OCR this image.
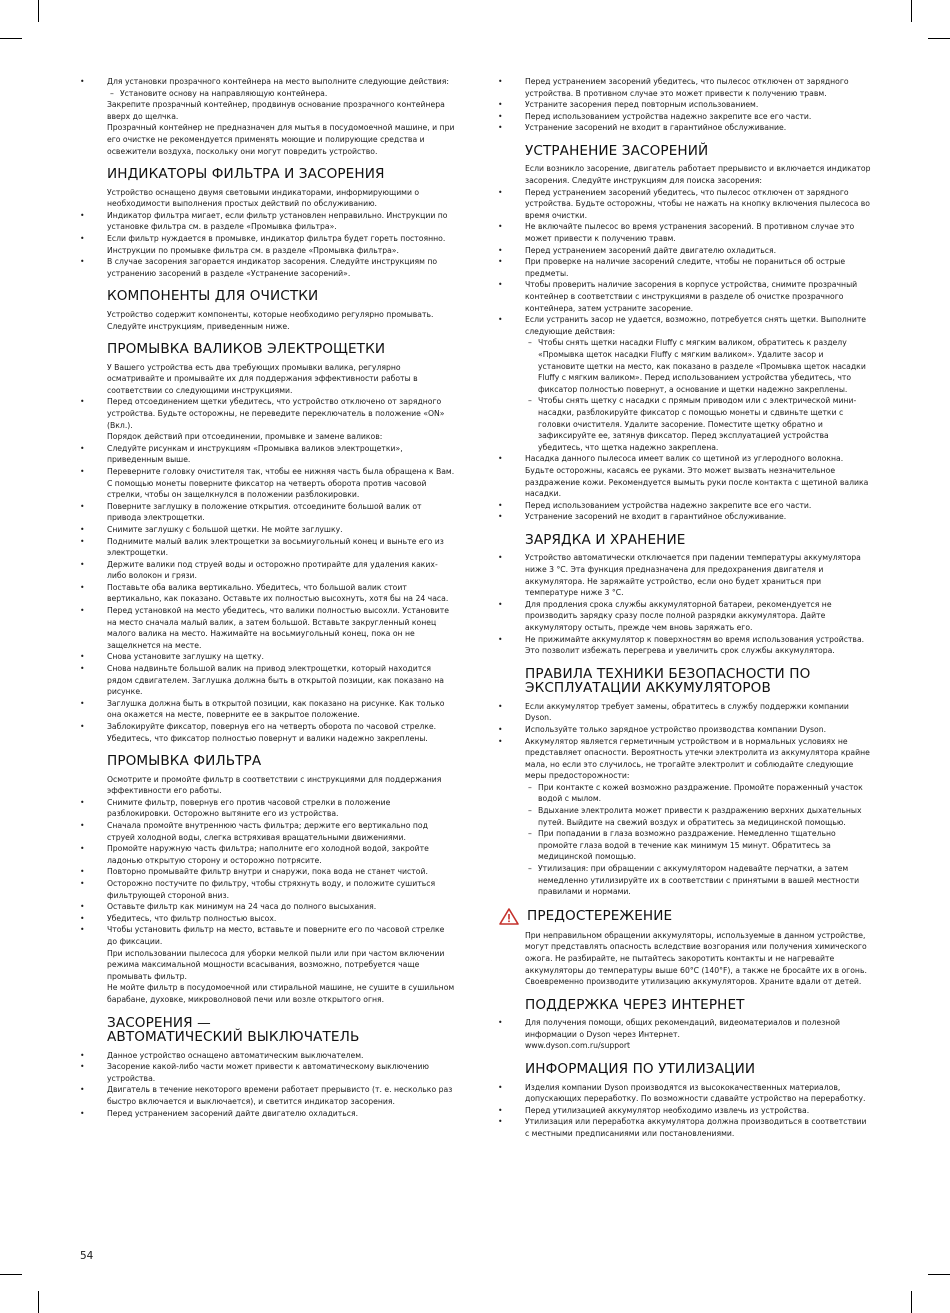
• Для установки прозрачного контейнера на место выполните следующие действия:
– Установите основу на направляющую контейнера.
Закрепите прозрачный контейнер, продвинув основание прозрачного контейнера вверх до щелчка.
Прозрачный контейнер не предназначен для мытья в посудомоечной машине, и при его очистке не рекомендуется применять моющие и полирующие средства и освежители воздуха, поскольку они могут повредить устройство.
ИНДИКАТОРЫ ФИЛЬТРА И ЗАСОРЕНИЯ
Устройство оснащено двумя световыми индикаторами, информирующими о необходимости выполнения простых действий по обслуживанию.
• Индикатор фильтра мигает, если фильтр установлен неправильно. Инструкции по установке фильтра см. в разделе «Промывка фильтра».
• Если фильтр нуждается в промывке, индикатор фильтра будет гореть постоянно. Инструкции по промывке фильтра см. в разделе «Промывка фильтра».
• В случае засорения загорается индикатор засорения. Следуйте инструкциям по устранению засорений в разделе «Устранение засорений».
КОМПОНЕНТЫ ДЛЯ ОЧИСТКИ
Устройство содержит компоненты, которые необходимо регулярно промывать. Следуйте инструкциям, приведенным ниже.
ПРОМЫВКА ВАЛИКОВ ЭЛЕКТРОЩЕТКИ
У Вашего устройства есть два требующих промывки валика, регулярно осматривайте и промывайте их для поддержания эффективности работы в соответствии со следующими инструкциями.
• Перед отсоединением щетки убедитесь, что устройство отключено от зарядного устройства. Будьте осторожны, не переведите переключатель в положение «ON» (Вкл.).
Порядок действий при отсоединении, промывке и замене валиков:
• Следуйте рисункам и инструкциям «Промывка валиков электрощетки», приведенным выше.
• Переверните головку очистителя так, чтобы ее нижняя часть была обращена к Вам. С помощью монеты поверните фиксатор на четверть оборота против часовой стрелки, чтобы он защелкнулся в положении разблокировки.
• Поверните заглушку в положение открытия. отсоедините большой валик от привода электрощетки.
• Снимите заглушку с большой щетки. Не мойте заглушку.
• Поднимите малый валик электрощетки за восьмиугольный конец и выньте его из электрощетки.
• Держите валики под струей воды и осторожно протирайте для удаления каких-либо волокон и грязи.
• Поставьте оба валика вертикально. Убедитесь, что большой валик стоит вертикально, как показано. Оставьте их полностью высохнуть, хотя бы на 24 часа.
• Перед установкой на место убедитесь, что валики полностью высохли. Установите на место сначала малый валик, а затем большой. Вставьте закругленный конец малого валика на место. Нажимайте на восьмиугольный конец, пока он не защелкнется на месте.
• Снова установите заглушку на щетку.
• Снова надвиньте большой валик на привод электрощетки, который находится рядом сдвигателем. Заглушка должна быть в открытой позиции, как показано на рисунке.
• Заглушка должна быть в открытой позиции, как показано на рисунке. Как только она окажется на месте, поверните ее в закрытое положение.
• Заблокируйте фиксатор, повернув его на четверть оборота по часовой стрелке. Убедитесь, что фиксатор полностью повернут и валики надежно закреплены.
ПРОМЫВКА ФИЛЬТРА
Осмотрите и промойте фильтр в соответствии с инструкциями для поддержания эффективности его работы.
• Снимите фильтр, повернув его против часовой стрелки в положение разблокировки. Осторожно вытяните его из устройства.
• Сначала промойте внутреннюю часть фильтра; держите его вертикально под струей холодной воды, слегка встряхивая вращательными движениями.
• Промойте наружную часть фильтра; наполните его холодной водой, закройте ладонью открытую сторону и осторожно потрясите.
• Повторно промывайте фильтр внутри и снаружи, пока вода не станет чистой.
• Осторожно постучите по фильтру, чтобы стряхнуть воду, и положите сушиться фильтрующей стороной вниз.
• Оставьте фильтр как минимум на 24 часа до полного высыхания.
• Убедитесь, что фильтр полностью высох.
• Чтобы установить фильтр на место, вставьте и поверните его по часовой стрелке до фиксации.
При использовании пылесоса для уборки мелкой пыли или при частом включении режима максимальной мощности всасывания, возможно, потребуется чаще промывать фильтр.
Не мойте фильтр в посудомоечной или стиральной машине, не сушите в сушильном барабане, духовке, микроволновой печи или возле открытого огня.
ЗАСОРЕНИЯ —
АВТОМАТИЧЕСКИЙ ВЫКЛЮЧАТЕЛЬ
• Данное устройство оснащено автоматическим выключателем.
• Засорение какой-либо части может привести к автоматическому выключению устройства.
• Двигатель в течение некоторого времени работает прерывисто (т. е. несколько раз быстро включается и выключается), и светится индикатор засорения.
• Перед устранением засорений дайте двигателю охладиться.
• Перед устранением засорений убедитесь, что пылесос отключен от зарядного устройства. В противном случае это может привести к получению травм.
• Устраните засорения перед повторным использованием.
• Перед использованием устройства надежно закрепите все его части.
• Устранение засорений не входит в гарантийное обслуживание.
УСТРАНЕНИЕ ЗАСОРЕНИЙ
Если возникло засорение, двигатель работает прерывисто и включается индикатор засорения. Следуйте инструкциям для поиска засорения:
• Перед устранением засорений убедитесь, что пылесос отключен от зарядного устройства. Будьте осторожны, чтобы не нажать на кнопку включения пылесоса во время очистки.
• Не включайте пылесос во время устранения засорений. В противном случае это может привести к получению травм.
• Перед устранением засорений дайте двигателю охладиться.
• При проверке на наличие засорений следите, чтобы не пораниться об острые предметы.
• Чтобы проверить наличие засорения в корпусе устройства, снимите прозрачный контейнер в соответствии с инструкциями в разделе об очистке прозрачного контейнера, затем устраните засорение.
• Если устранить засор не удается, возможно, потребуется снять щетки. Выполните следующие действия:
– Чтобы снять щетки насадки Fluffy с мягким валиком, обратитесь к разделу «Промывка щеток насадки Fluffy с мягким валиком». Удалите засор и установите щетки на место, как показано в разделе «Промывка щеток насадки Fluffy с мягким валиком». Перед использованием устройства убедитесь, что фиксатор полностью повернут, а основание и щетки надежно закреплены.
– Чтобы снять щетку с насадки с прямым приводом или с электрической мини-насадки, разблокируйте фиксатор с помощью монеты и сдвиньте щетки с головки очистителя. Удалите засорение. Поместите щетку обратно и зафиксируйте ее, затянув фиксатор. Перед эксплуатацией устройства убедитесь, что щетка надежно закреплена.
• Насадка данного пылесоса имеет валик со щетиной из углеродного волокна. Будьте осторожны, касаясь ее руками. Это может вызвать незначительное раздражение кожи. Рекомендуется вымыть руки после контакта с щетиной валика насадки.
• Перед использованием устройства надежно закрепите все его части.
• Устранение засорений не входит в гарантийное обслуживание.
ЗАРЯДКА И ХРАНЕНИЕ
• Устройство автоматически отключается при падении температуры аккумулятора ниже 3 °С. Эта функция предназначена для предохранения двигателя и аккумулятора. Не заряжайте устройство, если оно будет храниться при температуре ниже 3 °С.
• Для продления срока службы аккумуляторной батареи, рекомендуется не производить зарядку сразу после полной разрядки аккумулятора. Дайте аккумулятору остыть, прежде чем вновь заряжать его.
• Не прижимайте аккумулятор к поверхностям во время использования устройства. Это позволит избежать перегрева и увеличить срок службы аккумулятора.
ПРАВИЛА ТЕХНИКИ БЕЗОПАСНОСТИ ПО
ЭКСПЛУАТАЦИИ АККУМУЛЯТОРОВ
• Если аккумулятор требует замены, обратитесь в службу поддержки компании Dyson.
• Используйте только зарядное устройство производства компании Dyson.
• Аккумулятор является герметичным устройством и в нормальных условиях не представляет опасности. Вероятность утечки электролита из аккумулятора крайне мала, но если это случилось, не трогайте электролит и соблюдайте следующие меры предосторожности:
– При контакте с кожей возможно раздражение. Промойте пораженный участок водой с мылом.
– Вдыхание электролита может привести к раздражению верхних дыхательных путей. Выйдите на свежий воздух и обратитесь за медицинской помощью.
– При попадании в глаза возможно раздражение. Немедленно тщательно промойте глаза водой в течение как минимум 15 минут. Обратитесь за медицинской помощью.
– Утилизация: при обращении с аккумулятором надевайте перчатки, а затем немедленно утилизируйте их в соответствии с принятыми в вашей местности правилами и нормами.
ПРЕДОСТЕРЕЖЕНИЕ
При неправильном обращении аккумуляторы, используемые в данном устройстве, могут представлять опасность вследствие возгорания или получения химического ожога. Не разбирайте, не пытайтесь закоротить контакты и не нагревайте аккумуляторы до температуры выше 60°С (140°F), а также не бросайте их в огонь. Своевременно производите утилизацию аккумуляторов. Храните вдали от детей.
ПОДДЕРЖКА ЧЕРЕЗ ИНТЕРНЕТ
• Для получения помощи, общих рекомендаций, видеоматериалов и полезной информации о Dyson через Интернет.
www.dyson.com.ru/support
ИНФОРМАЦИЯ ПО УТИЛИЗАЦИИ
• Изделия компании Dyson производятся из высококачественных материалов, допускающих переработку. По возможности сдавайте устройство на переработку.
• Перед утилизацией аккумулятор необходимо извлечь из устройства.
• Утилизация или переработка аккумулятора должна производиться в соответствии с местными предписаниями или постановлениями.
54
